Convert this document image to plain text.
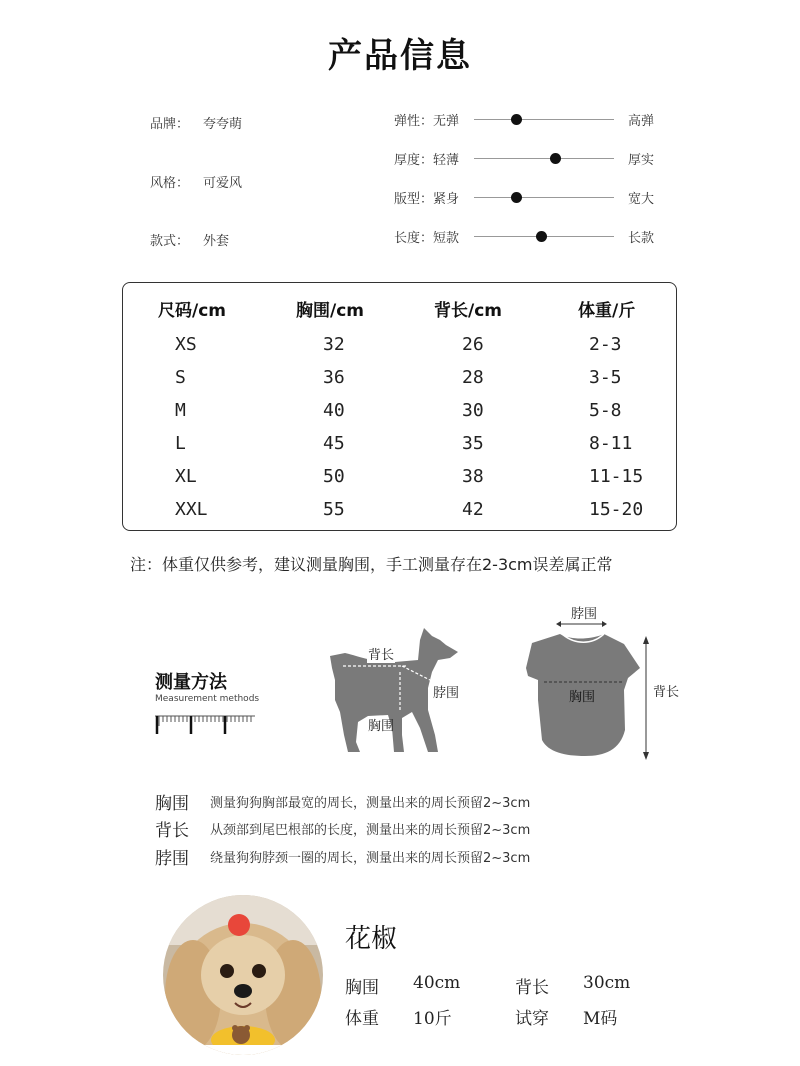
产品信息
品牌： 夸夸萌
风格： 可爱风
款式： 外套
弹性：无弹	高弹
厚度：轻薄	厚实
版型：紧身	宽大
长度：短款	长款
尺码/cm	胸围/cm	背长/cm	体重/斤
XS	32	26	2-3
S	36	28	3-5
M	40	30	5-8
L	45	35	8-11
XL	50	38	11-15
XXL	55	42	15-20
注：体重仅供参考，建议测量胸围，手工测量存在2-3cm误差属正常
测量方法
Measurement methods
背长
脖围
胸围
脖围
胸围	背长
胸围 测量狗狗胸部最宽的周长，测量出来的周长预留2~3cm
背长 从颈部到尾巴根部的长度，测量出来的周长预留2~3cm
脖围 绕量狗狗脖颈一圈的周长，测量出来的周长预留2~3cm
花椒
胸围 40cm	背长 30cm
体重 10斤	试穿 M码
